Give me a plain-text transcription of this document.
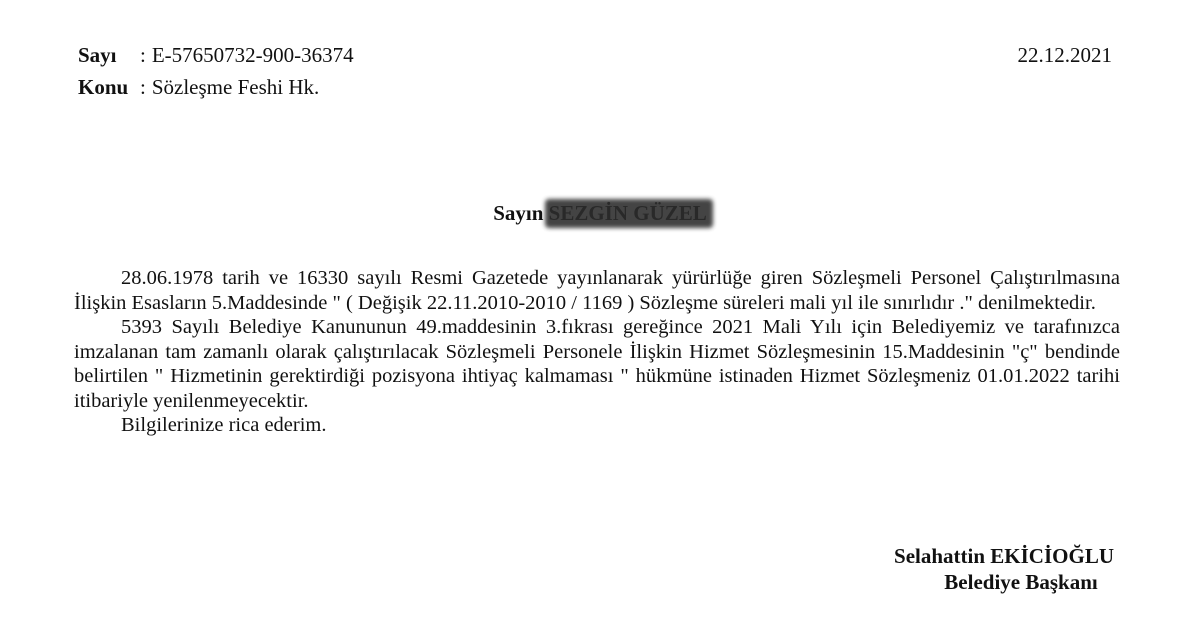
Sayı : E-57650732-900-36374
Konu : Sözleşme Feshi Hk.
22.12.2021
Sayın

28.06.1978 tarih ve 16330 sayılı Resmi Gazetede yayınlanarak yürürlüğe giren Sözleşmeli Personel Çalıştırılmasına İlişkin Esasların 5.Maddesinde " ( Değişik 22.11.2010-2010 / 1169 ) Sözleşme süreleri mali yıl ile sınırlıdır ." denilmektedir.

5393 Sayılı Belediye Kanununun 49.maddesinin 3.fıkrası gereğince 2021 Mali Yılı için Belediyemiz ve tarafınızca imzalanan tam zamanlı olarak çalıştırılacak Sözleşmeli Personele İlişkin Hizmet Sözleşmesinin 15.Maddesinin "ç" bendinde belirtilen " Hizmetinin gerektirdiği pozisyona ihtiyaç kalmaması " hükmüne istinaden Hizmet Sözleşmeniz 01.01.2022 tarihi itibariyle yenilenmeyecektir.

Bilgilerinize rica ederim.

Selahattin EKİCİOĞLU
Belediye Başkanı
